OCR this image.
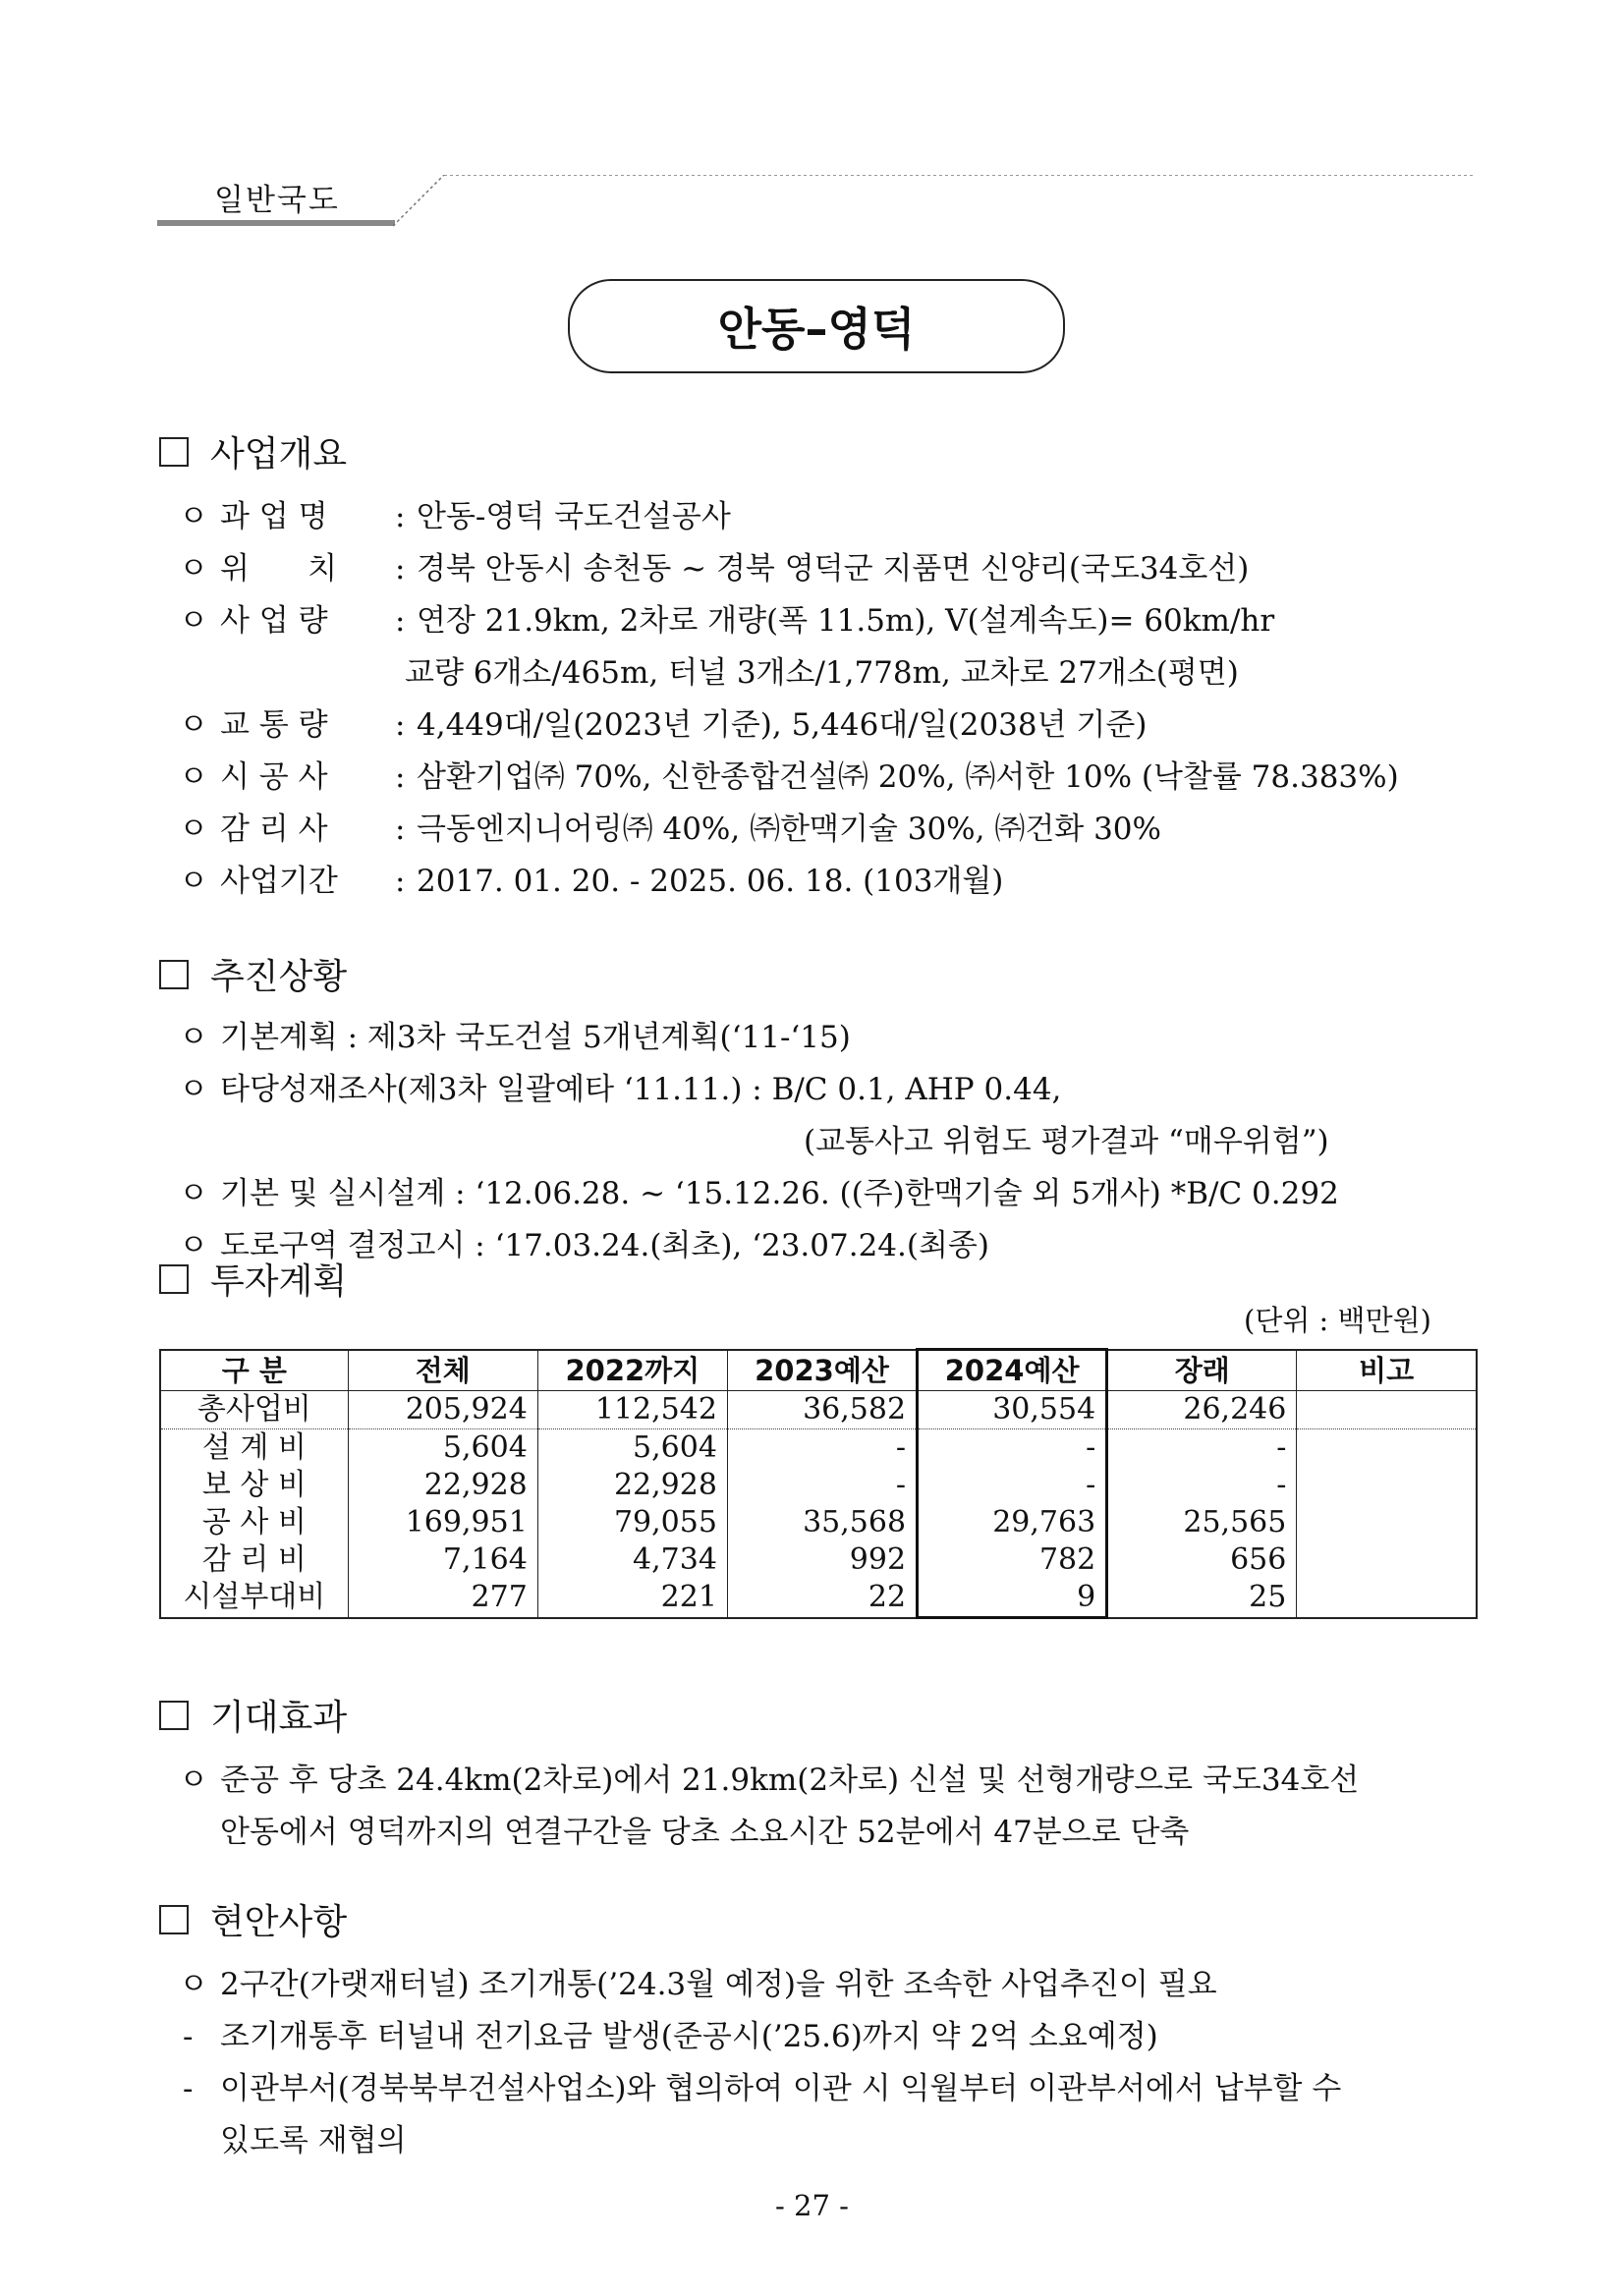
일반국도
안동–영덕
사업개요
ㅇ 과 업 명 : 안동-영덕 국도건설공사
ㅇ 위      치 : 경북 안동시 송천동 ~ 경북 영덕군 지품면 신양리(국도34호선)
ㅇ 사 업 량 : 연장 21.9km, 2차로 개량(폭 11.5m), V(설계속도)= 60km/hr
교량 6개소/465m, 터널 3개소/1,778m, 교차로 27개소(평면)
ㅇ 교 통 량 : 4,449대/일(2023년 기준), 5,446대/일(2038년 기준)
ㅇ 시 공 사 : 삼환기업㈜ 70%, 신한종합건설㈜ 20%, ㈜서한 10% (낙찰률 78.383%)
ㅇ 감 리 사 : 극동엔지니어링㈜ 40%, ㈜한맥기술 30%, ㈜건화 30%
ㅇ 사업기간 : 2017. 01. 20. - 2025. 06. 18. (103개월)
추진상황
ㅇ 기본계획 : 제3차 국도건설 5개년계획(‘11-‘15)
ㅇ 타당성재조사(제3차 일괄예타 ‘11.11.) : B/C 0.1, AHP 0.44,
(교통사고 위험도 평가결과 “매우위험”)
ㅇ 기본 및 실시설계 : ‘12.06.28. ~ ‘15.12.26. ((주)한맥기술 외 5개사) *B/C 0.292
ㅇ 도로구역 결정고시 : ‘17.03.24.(최초), ‘23.07.24.(최종)
투자계획
(단위 : 백만원)
구 분	전체	2022까지	2023예산	2024예산	장래	비고
총사업비	205,924	112,542	36,582	30,554	26,246	
설 계 비	5,604	5,604	-	-	-	
보 상 비	22,928	22,928	-	-	-	
공 사 비	169,951	79,055	35,568	29,763	25,565	
감 리 비	7,164	4,734	992	782	656	
시설부대비	277	221	22	9	25	
기대효과
ㅇ 준공 후 당초 24.4km(2차로)에서 21.9km(2차로) 신설 및 선형개량으로 국도34호선
안동에서 영덕까지의 연결구간을 당초 소요시간 52분에서 47분으로 단축
현안사항
ㅇ 2구간(가랫재터널) 조기개통(’24.3월 예정)을 위한 조속한 사업추진이 필요
- 조기개통후 터널내 전기요금 발생(준공시(’25.6)까지 약 2억 소요예정)
- 이관부서(경북북부건설사업소)와 협의하여 이관 시 익월부터 이관부서에서 납부할 수
있도록 재협의
- 27 -
